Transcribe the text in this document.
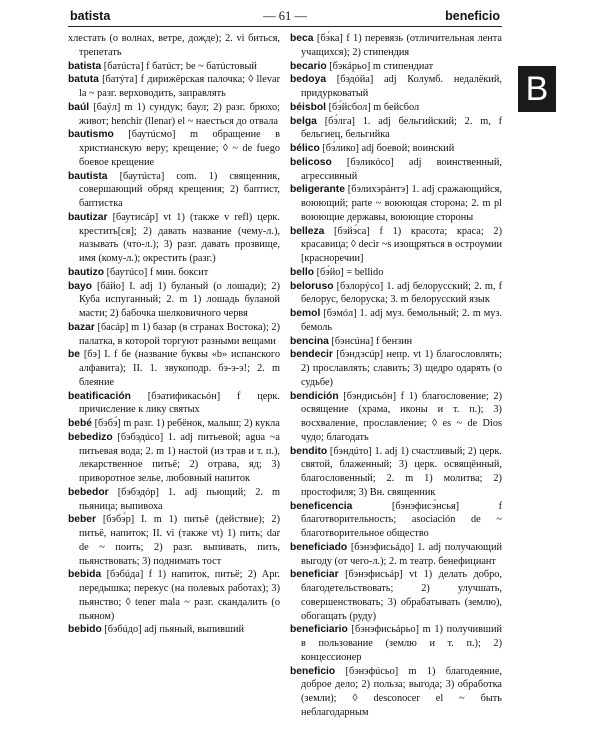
batista	— 61 —	beneficio
B

хлестать (о волнах, ветре, дожде); 2. vi биться, трепетать

batista [батúста] f батúст; be ~ батúстовый

batuta [батýта] f дирижёрская палочка; ◊ llevar la ~ разг. верховодить, заправлять

baúl [баýл] m 1) сундук; баул; 2) разг. брюхо; живот; henchir (llenar) el ~ наесться до отвала

bautismo [баутúсмо] m обращение в христианскую веру; крещение; ◊ ~ de fuego боевое крещение

bautista [баутúста] com. 1) священник, совершающий обряд крещения; 2) баптист, баптистка

bautizar [баутисáр] vt 1) (также v refl) церк. крестить[ся]; 2) давать название (чему-л.), называть (что-л.); 3) разг. давать прозвище, имя (кому-л.); окрестить (разг.)

bautizo [баутúсо] f мин. боксит

bayo [бáйо] I. adj 1) буланый (о лошади); 2) Куба испуганный; 2. m 1) лошадь буланой масти; 2) бабочка шелковичного червя

bazar [басáр] m 1) базар (в странах Востока); 2) палатка, в которой торгуют разными вещами

be [бэ] I. f бе (название буквы «b» испанского алфавита); II. 1. звукоподр. бэ-э-э!; 2. m блеяние

beatificación [бэатификасьóн] f церк. причисление к лику святых

bebé [бэбэ́] m разг. 1) ребёнок, малыш; 2) кукла

bebedizo [бэбэдúсо] 1. adj питьевой; agua ~a питьевая вода; 2. m 1) настой (из трав и т. п.), лекарственное питьё; 2) отрава, яд; 3) приворотное зелье, любовный напиток

bebedor [бэбэдóр] 1. adj пьющий; 2. m пьяница; выпивоха

beber [бэбэ́р] I. m 1) питьё (действие); 2) питьё, напиток; II. vi (также vt) 1) пить; dar de ~ поить; 2) разг. выпивать, пить, пьянствовать; 3) поднимать тост

bebida [бэбúда] f 1) напиток, питьё; 2) Арг. передышка; перекус (на полевых работах); 3) пьянство; ◊ tener mala ~ разг. скандалить (о пьяном)

bebido [бэбúдо] adj пьяный, выпивший

beca [бэ́ка] f 1) перевязь (отличительная лента учащихся); 2) стипендия

becario [бэкáрьо] m стипендиат

bedoya [бэдóйа] adj Колумб. недалёкий, придурковатый

béisbol [бэ́йсбол] m бейсбол

belga [бэ́лга] 1. adj бельгийский; 2. m, f бельгиец, бельгийка

bélico [бэ́лико] adj боевой; воинский

belicoso [бэликóсо] adj воинственный, агрессивный

beligerante [бэлихэрáнтэ] 1. adj сражающийся, воюющий; parte ~ воюющая сторона; 2. m pl воюющие державы, воюющие стороны

belleza [бэйэ́са] f 1) красота; краса; 2) красавица; ◊ decir ~s изощряться в остроумии [красноречии]

bello [бэ́йо] = bellido

beloruso [бэлорýсо] 1. adj белорусский; 2. m, f белорус, белоруска; 3. m белорусский язык

bemol [бэмóл] 1. adj муз. бемольный; 2. m муз. бемоль

bencina [бэнсúна] f бензин

bendecir [бэндэсúр] непр. vt 1) благословлять; 2) прославлять; славить; 3) щедро одарять (о судьбе)

bendición [бэндисьóн] f 1) благословение; 2) освящение (храма, иконы и т. п.); 3) восхваление, прославление; ◊ es ~ de Dios чудо; благодать

bendito [бэндúто] 1. adj 1) счастливый; 2) церк. святой, блаженный; 3) церк. освящённый, благословенный; 2. m 1) молитва; 2) простофиля; 3) Вн. священник

beneficencia	[бэнэфисэ́нсья] f благотворительность; asociación de ~ благотворительное общество

beneficiado [бэнэфисьáдо] 1. adj получающий выгоду (от чего-л.); 2. m театр. бенефициант

beneficiar [бэнэфисьáр] vt 1) делать добро, благодетельствовать; 2) улучшать, совершенствовать; 3) обрабатывать (землю), обогащать (руду)

beneficiario [бэнэфисьáрьо] m 1) получивший в пользование (землю и т. п.); 2) концессионер

beneficio [бэнэфúсьо] m 1) благодеяние, доброе дело; 2) польза; выгода; 3) обработка (земли); ◊ desconocer el ~ быть неблагодарным
